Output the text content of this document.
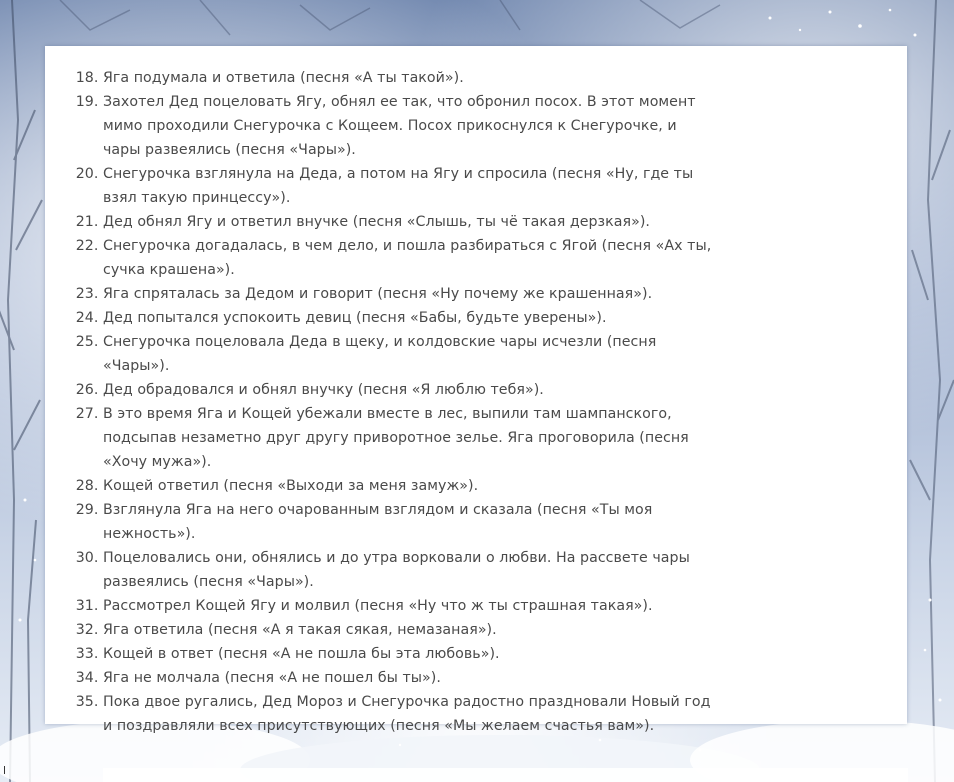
18. Яга подумала и ответила (песня «А ты такой»).
19. Захотел Дед поцеловать Ягу, обнял ее так, что обронил посох. В этот момент мимо проходили Снегурочка с Кощеем. Посох прикоснулся к Снегурочке, и чары развеялись (песня «Чары»).
20. Снегурочка взглянула на Деда, а потом на Ягу и спросила (песня «Ну, где ты взял такую принцессу»).
21. Дед обнял Ягу и ответил внучке (песня «Слышь, ты чё такая дерзкая»).
22. Снегурочка догадалась, в чем дело, и пошла разбираться с Ягой (песня «Ах ты, сучка крашена»).
23. Яга спряталась за Дедом и говорит (песня «Ну почему же крашенная»).
24. Дед попытался успокоить девиц (песня «Бабы, будьте уверены»).
25. Снегурочка поцеловала Деда в щеку, и колдовские чары исчезли (песня «Чары»).
26. Дед обрадовался и обнял внучку (песня «Я люблю тебя»).
27. В это время Яга и Кощей убежали вместе в лес, выпили там шампанского, подсыпав незаметно друг другу приворотное зелье. Яга проговорила (песня «Хочу мужа»).
28. Кощей ответил (песня «Выходи за меня замуж»).
29. Взглянула Яга на него очарованным взглядом и сказала (песня «Ты моя нежность»).
30. Поцеловались они, обнялись и до утра ворковали о любви. На рассвете чары развеялись (песня «Чары»).
31. Рассмотрел Кощей Ягу и молвил (песня «Ну что ж ты страшная такая»).
32. Яга ответила (песня «А я такая сякая, немазаная»).
33. Кощей в ответ (песня «А не пошла бы эта любовь»).
34. Яга не молчала (песня «А не пошел бы ты»).
35. Пока двое ругались, Дед Мороз и Снегурочка радостно праздновали Новый год и поздравляли всех присутствующих (песня «Мы желаем счастья вам»).
